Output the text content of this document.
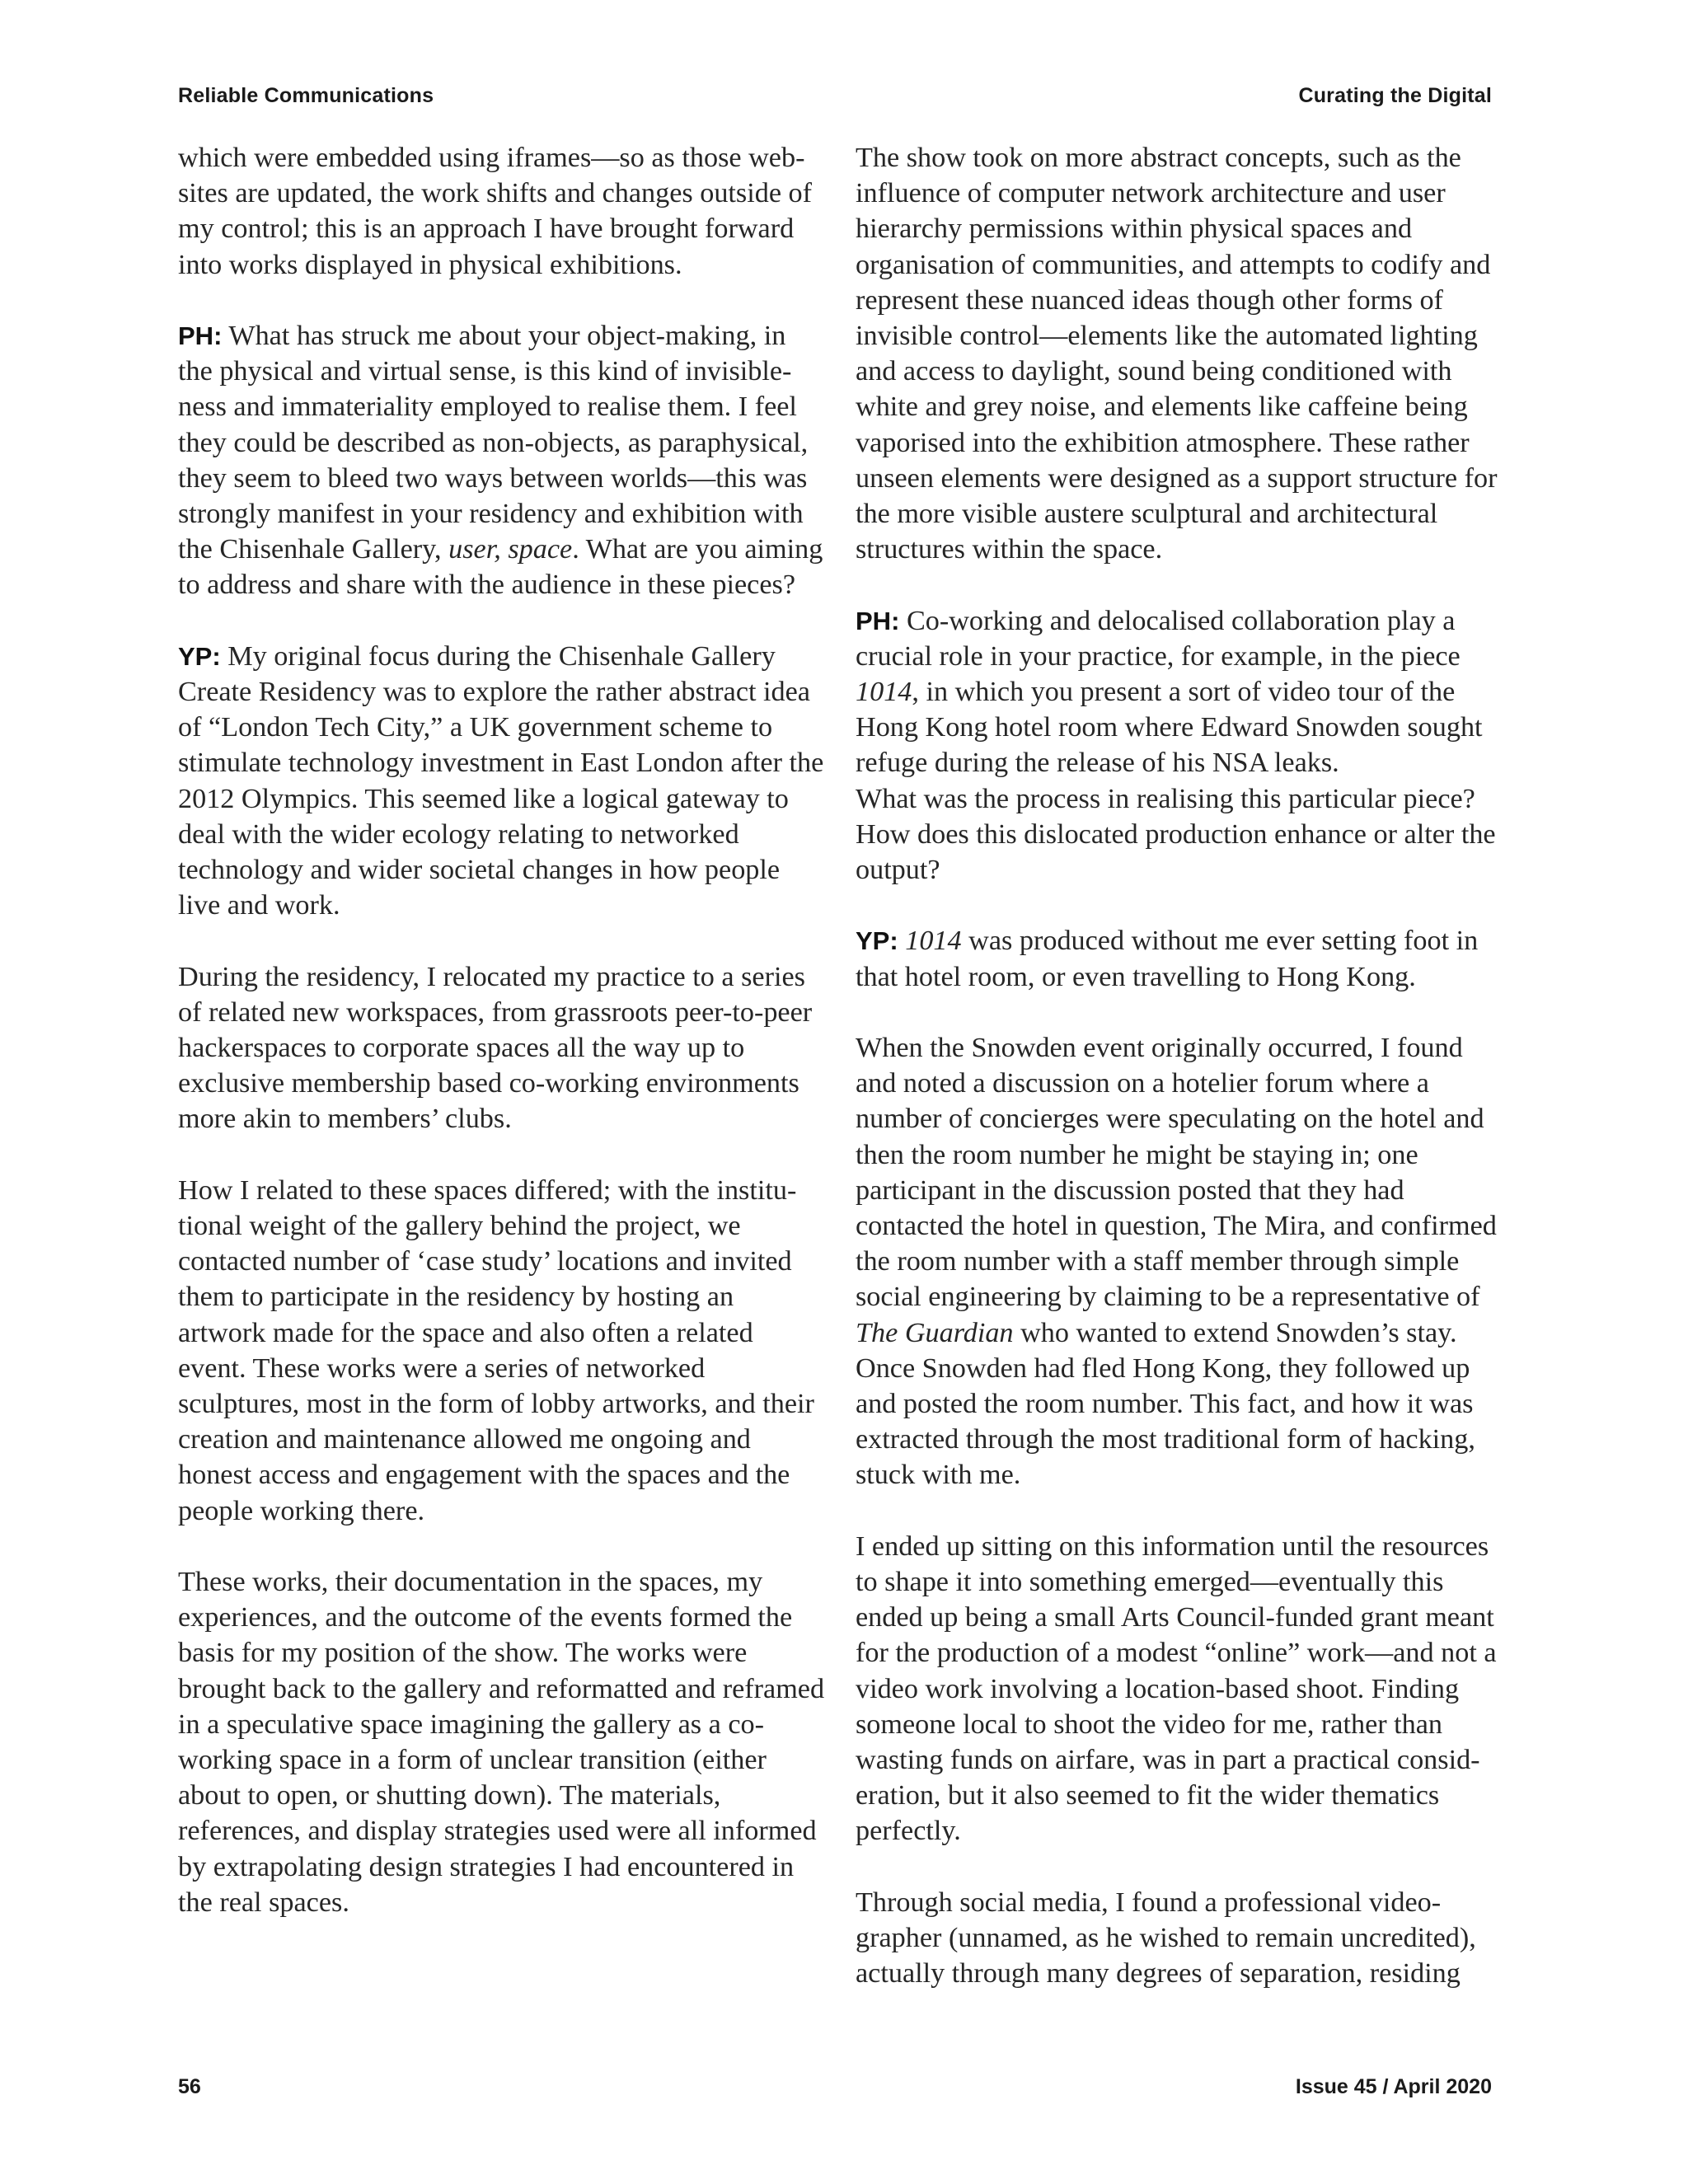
Reliable Communications	Curating the Digital

which were embedded using iframes—so as those websites are updated, the work shifts and changes outside of my control; this is an approach I have brought forward into works displayed in physical exhibitions.

PH: What has struck me about your object-making, in the physical and virtual sense, is this kind of invisibleness and immateriality employed to realise them. I feel they could be described as non-objects, as paraphysical, they seem to bleed two ways between worlds—this was strongly manifest in your residency and exhibition with the Chisenhale Gallery, user, space. What are you aiming to address and share with the audience in these pieces?

YP: My original focus during the Chisenhale Gallery Create Residency was to explore the rather abstract idea of “London Tech City,” a UK government scheme to stimulate technology investment in East London after the 2012 Olympics. This seemed like a logical gateway to deal with the wider ecology relating to networked technology and wider societal changes in how people live and work.

During the residency, I relocated my practice to a series of related new workspaces, from grassroots peer-to-peer hackerspaces to corporate spaces all the way up to exclusive membership based co-working environments more akin to members’ clubs.

How I related to these spaces differed; with the institutional weight of the gallery behind the project, we contacted number of ‘case study’ locations and invited them to participate in the residency by hosting an artwork made for the space and also often a related event. These works were a series of networked sculptures, most in the form of lobby artworks, and their creation and maintenance allowed me ongoing and honest access and engagement with the spaces and the people working there.

These works, their documentation in the spaces, my experiences, and the outcome of the events formed the basis for my position of the show. The works were brought back to the gallery and reformatted and reframed in a speculative space imagining the gallery as a co-working space in a form of unclear transition (either about to open, or shutting down). The materials, references, and display strategies used were all informed by extrapolating design strategies I had encountered in the real spaces.

The show took on more abstract concepts, such as the influence of computer network architecture and user hierarchy permissions within physical spaces and organisation of communities, and attempts to codify and represent these nuanced ideas though other forms of invisible control—elements like the automated lighting and access to daylight, sound being conditioned with white and grey noise, and elements like caffeine being vaporised into the exhibition atmosphere. These rather unseen elements were designed as a support structure for the more visible austere sculptural and architectural structures within the space.

PH: Co-working and delocalised collaboration play a crucial role in your practice, for example, in the piece 1014, in which you present a sort of video tour of the Hong Kong hotel room where Edward Snowden sought refuge during the release of his NSA leaks.
What was the process in realising this particular piece? How does this dislocated production enhance or alter the output?

YP: 1014 was produced without me ever setting foot in that hotel room, or even travelling to Hong Kong.

When the Snowden event originally occurred, I found and noted a discussion on a hotelier forum where a number of concierges were speculating on the hotel and then the room number he might be staying in; one participant in the discussion posted that they had contacted the hotel in question, The Mira, and confirmed the room number with a staff member through simple social engineering by claiming to be a representative of The Guardian who wanted to extend Snowden’s stay. Once Snowden had fled Hong Kong, they followed up and posted the room number. This fact, and how it was extracted through the most traditional form of hacking, stuck with me.

I ended up sitting on this information until the resources to shape it into something emerged—eventually this ended up being a small Arts Council-funded grant meant for the production of a modest “online” work—and not a video work involving a location-based shoot. Finding someone local to shoot the video for me, rather than wasting funds on airfare, was in part a practical consideration, but it also seemed to fit the wider thematics perfectly.

Through social media, I found a professional videographer (unnamed, as he wished to remain uncredited), actually through many degrees of separation, residing

56	Issue 45 / April 2020
